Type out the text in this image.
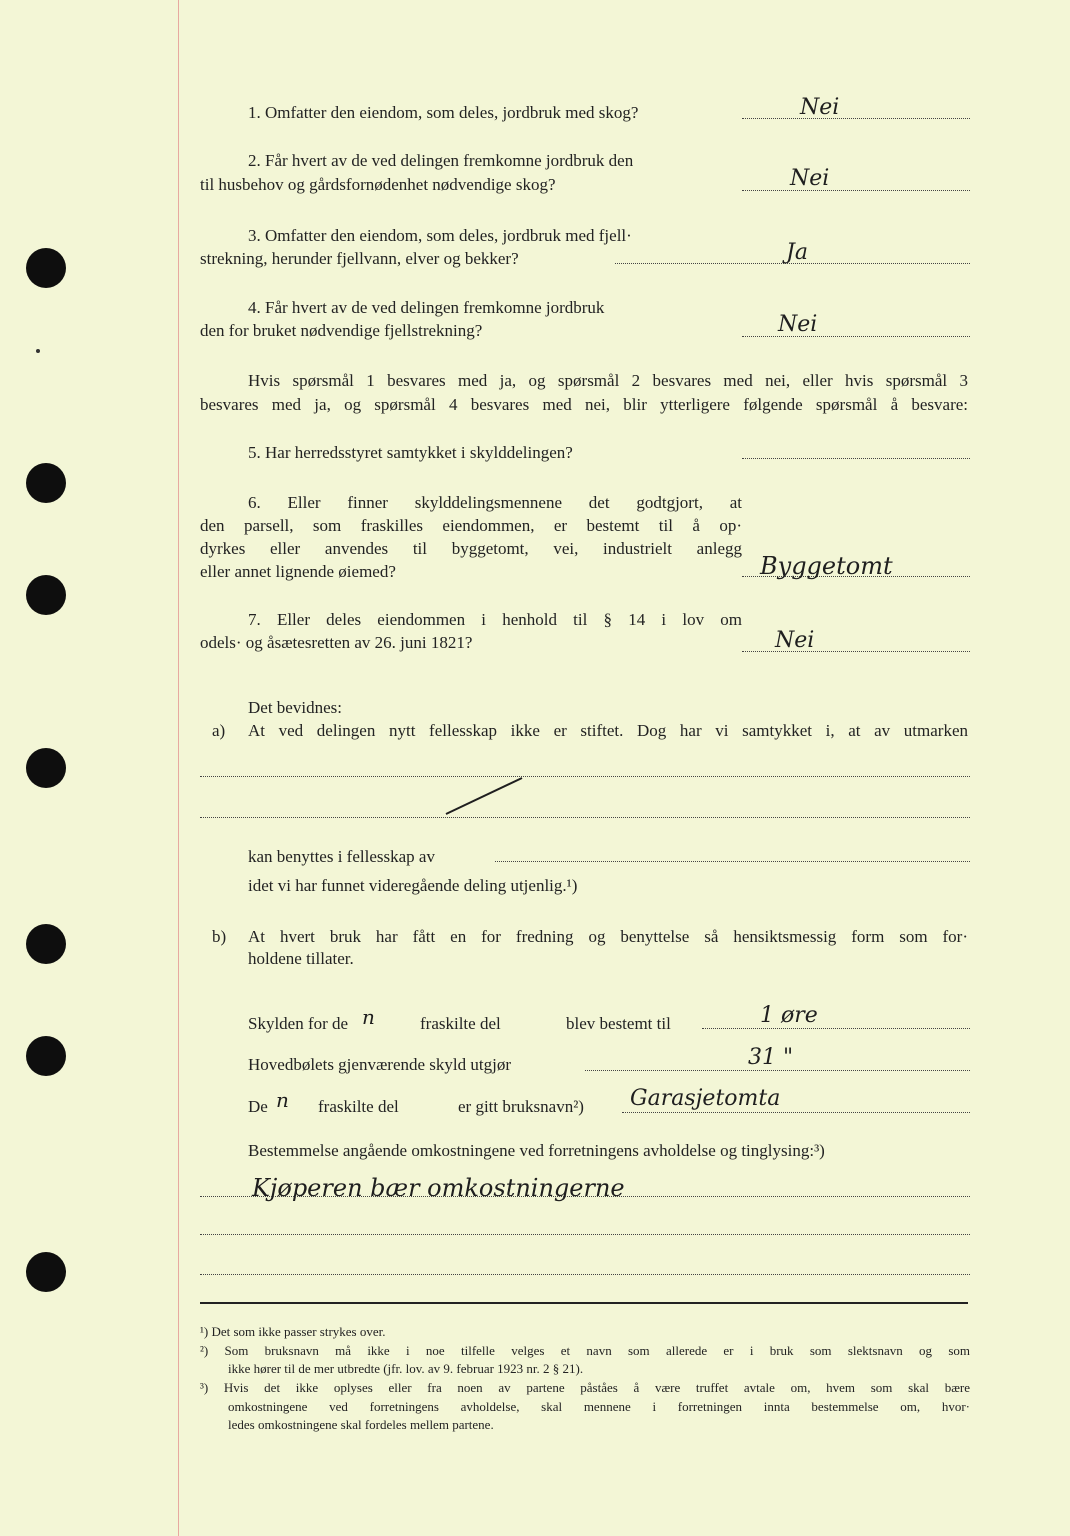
1. Omfatter den eiendom, som deles, jordbruk med skog?	Nei
2. Får hvert av de ved delingen fremkomne jordbruk den
til husbehov og gårdsfornødenhet nødvendige skog?	Nei
3. Omfatter den eiendom, som deles, jordbruk med fjell·
strekning, herunder fjellvann, elver og bekker?	Ja
4. Får hvert av de ved delingen fremkomne jordbruk
den for bruket nødvendige fjellstrekning?	Nei
Hvis spørsmål 1 besvares med ja, og spørsmål 2 besvares med nei, eller hvis spørsmål 3
besvares med ja, og spørsmål 4 besvares med nei, blir ytterligere følgende spørsmål å besvare:
5. Har herredsstyret samtykket i skylddelingen?
6. Eller finner skylddelingsmennene det godtgjort, at
den parsell, som fraskilles eiendommen, er bestemt til å op·
dyrkes eller anvendes til byggetomt, vei, industrielt anlegg
eller annet lignende øiemed?	Byggetomt
7. Eller deles eiendommen i henhold til § 14 i lov om
odels· og åsætesretten av 26. juni 1821?	Nei
Det bevidnes:
a) At ved delingen nytt fellesskap ikke er stiftet. Dog har vi samtykket i, at av utmarken
kan benyttes i fellesskap av
idet vi har funnet videregående deling utjenlig.¹)
b) At hvert bruk har fått en for fredning og benyttelse så hensiktsmessig form som for·
holdene tillater.
Skylden for de n	fraskilte del	blev bestemt til	1 øre
Hovedbølets gjenværende skyld utgjør	31 "
De n fraskilte del	er gitt bruksnavn²) Garasjetomta
Bestemmelse angående omkostningene ved forretningens avholdelse og tinglysing:³)
Kjøperen bær omkostningerne
¹) Det som ikke passer strykes over.
²) Som bruksnavn må ikke i noe tilfelle velges et navn som allerede er i bruk som slektsnavn og som
ikke hører til de mer utbredte (jfr. lov. av 9. februar 1923 nr. 2 § 21).
³) Hvis det ikke oplyses eller fra noen av partene påståes å være truffet avtale om, hvem som skal bære
omkostningene ved forretningens avholdelse, skal mennene i forretningen innta bestemmelse om, hvor·
ledes omkostningene skal fordeles mellem partene.
